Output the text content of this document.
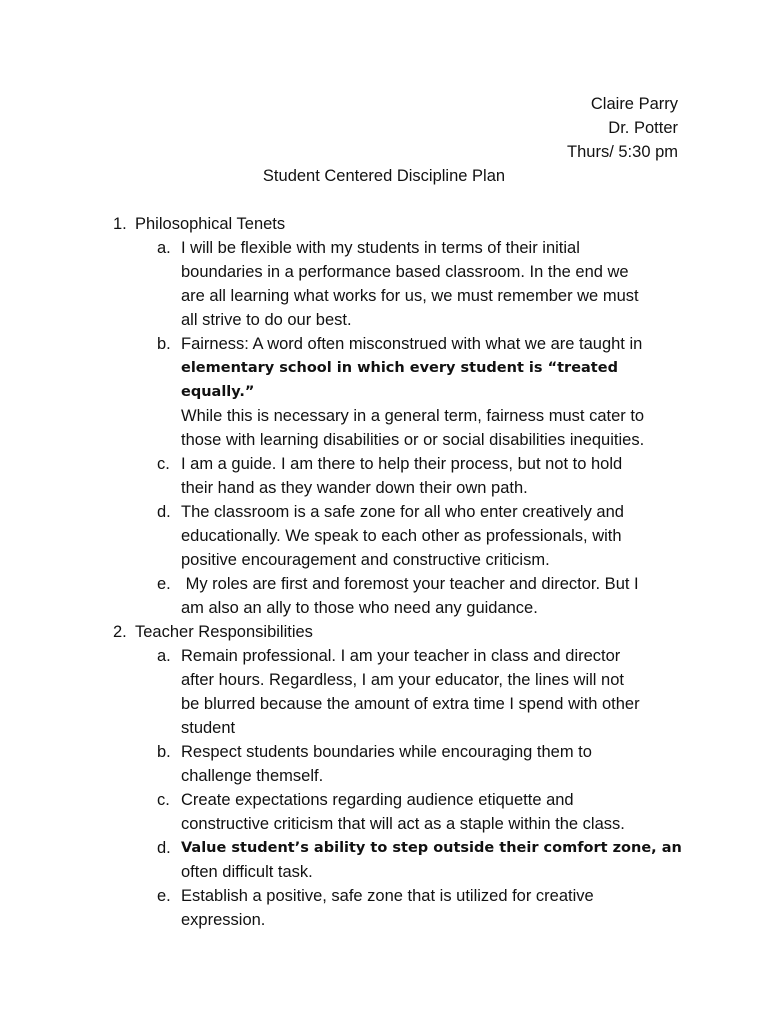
Claire Parry
Dr. Potter
Thurs/ 5:30 pm
Student Centered Discipline Plan
1. Philosophical Tenets
a. I will be flexible with my students in terms of their initial
boundaries in a performance based classroom. In the end we
are all learning what works for us, we must remember we must
all strive to do our best.
b. Fairness: A word often misconstrued with what we are taught in
elementary school in which every student is “treated equally.”
While this is necessary in a general term, fairness must cater to
those with learning disabilities or or social disabilities inequities.
c. I am a guide. I am there to help their process, but not to hold
their hand as they wander down their own path.
d. The classroom is a safe zone for all who enter creatively and
educationally. We speak to each other as professionals, with
positive encouragement and constructive criticism.
e. My roles are first and foremost your teacher and director. But I
am also an ally to those who need any guidance.
2. Teacher Responsibilities
a. Remain professional. I am your teacher in class and director
after hours. Regardless, I am your educator, the lines will not
be blurred because the amount of extra time I spend with other
student
b. Respect students boundaries while encouraging them to
challenge themself.
c. Create expectations regarding audience etiquette and
constructive criticism that will act as a staple within the class.
d. Value student’s ability to step outside their comfort zone, an
often difficult task.
e. Establish a positive, safe zone that is utilized for creative
expression.
